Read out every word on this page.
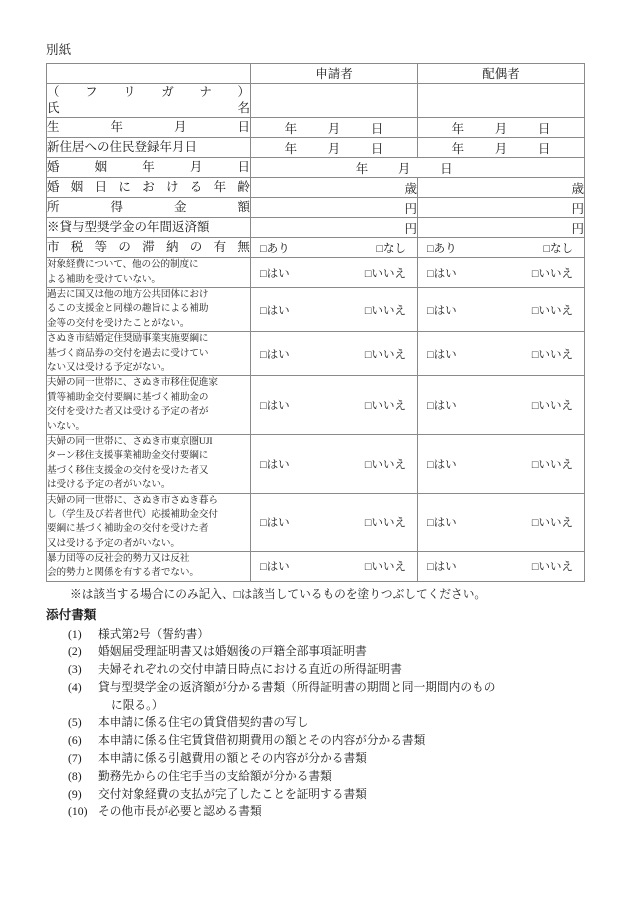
別紙
	申請者	配偶者

（ フ リ ガ ナ ）
氏	名

生 年 月 日	年 月 日	年 月 日

新住居への住民登録年月日	年 月 日	年 月 日

婚 姻 年 月 日	年 月 日	

婚 姻 日 に お け る 年 齢	歳	歳

所 得 金 額	円	円
※貸与型奨学金の年間返済額	円	円

市 税 等 の 滞 納 の 有 無	□あり	□なし	□あり	□なし

対象経費について、他の公的制度に
よる補助を受けていない。	□はい	□いいえ	□はい	□いいえ

過去に国又は他の地方公共団体におけ
るこの支援金と同様の趣旨による補助
金等の交付を受けたことがない。

□はい	□いいえ	□はい	□いいえ

さぬき市結婚定住奨励事業実施要綱に
基づく商品券の交付を過去に受けてい
ない又は受ける予定がない。

□はい	□いいえ	□はい	□いいえ

夫婦の同一世帯に、さぬき市移住促進家
賃等補助金交付要綱に基づく補助金の
交付を受けた者又は受ける予定の者が
いない。

□はい	□いいえ	□はい	□いいえ

夫婦の同一世帯に、さぬき市東京圏UJI
ターン移住支援事業補助金交付要綱に
基づく移住支援金の交付を受けた者又
は受ける予定の者がいない。

□はい	□いいえ	□はい	□いいえ

夫婦の同一世帯に、さぬき市さぬき暮ら
し（学生及び若者世代）応援補助金交付
要綱に基づく補助金の交付を受けた者
又は受ける予定の者がいない。

□はい	□いいえ	□はい	□いいえ

暴力団等の反社会的勢力又は反社
会的勢力と関係を有する者でない。	□はい	□いいえ	□はい	□いいえ

※は該当する場合にのみ記入、□は該当しているものを塗りつぶしてください。

添付書類
(1)	様式第2号（誓約書）
(2)	婚姻届受理証明書又は婚姻後の戸籍全部事項証明書
(3)	夫婦それぞれの交付申請日時点における直近の所得証明書
(4)	貸与型奨学金の返済額が分かる書類（所得証明書の期間と同一期間内のもの
に限る。）
(5)	本申請に係る住宅の賃貸借契約書の写し
(6)	本申請に係る住宅賃貸借初期費用の額とその内容が分かる書類
(7)	本申請に係る引越費用の額とその内容が分かる書類
(8)	勤務先からの住宅手当の支給額が分かる書類
(9)	交付対象経費の支払が完了したことを証明する書類
(10) その他市長が必要と認める書類
